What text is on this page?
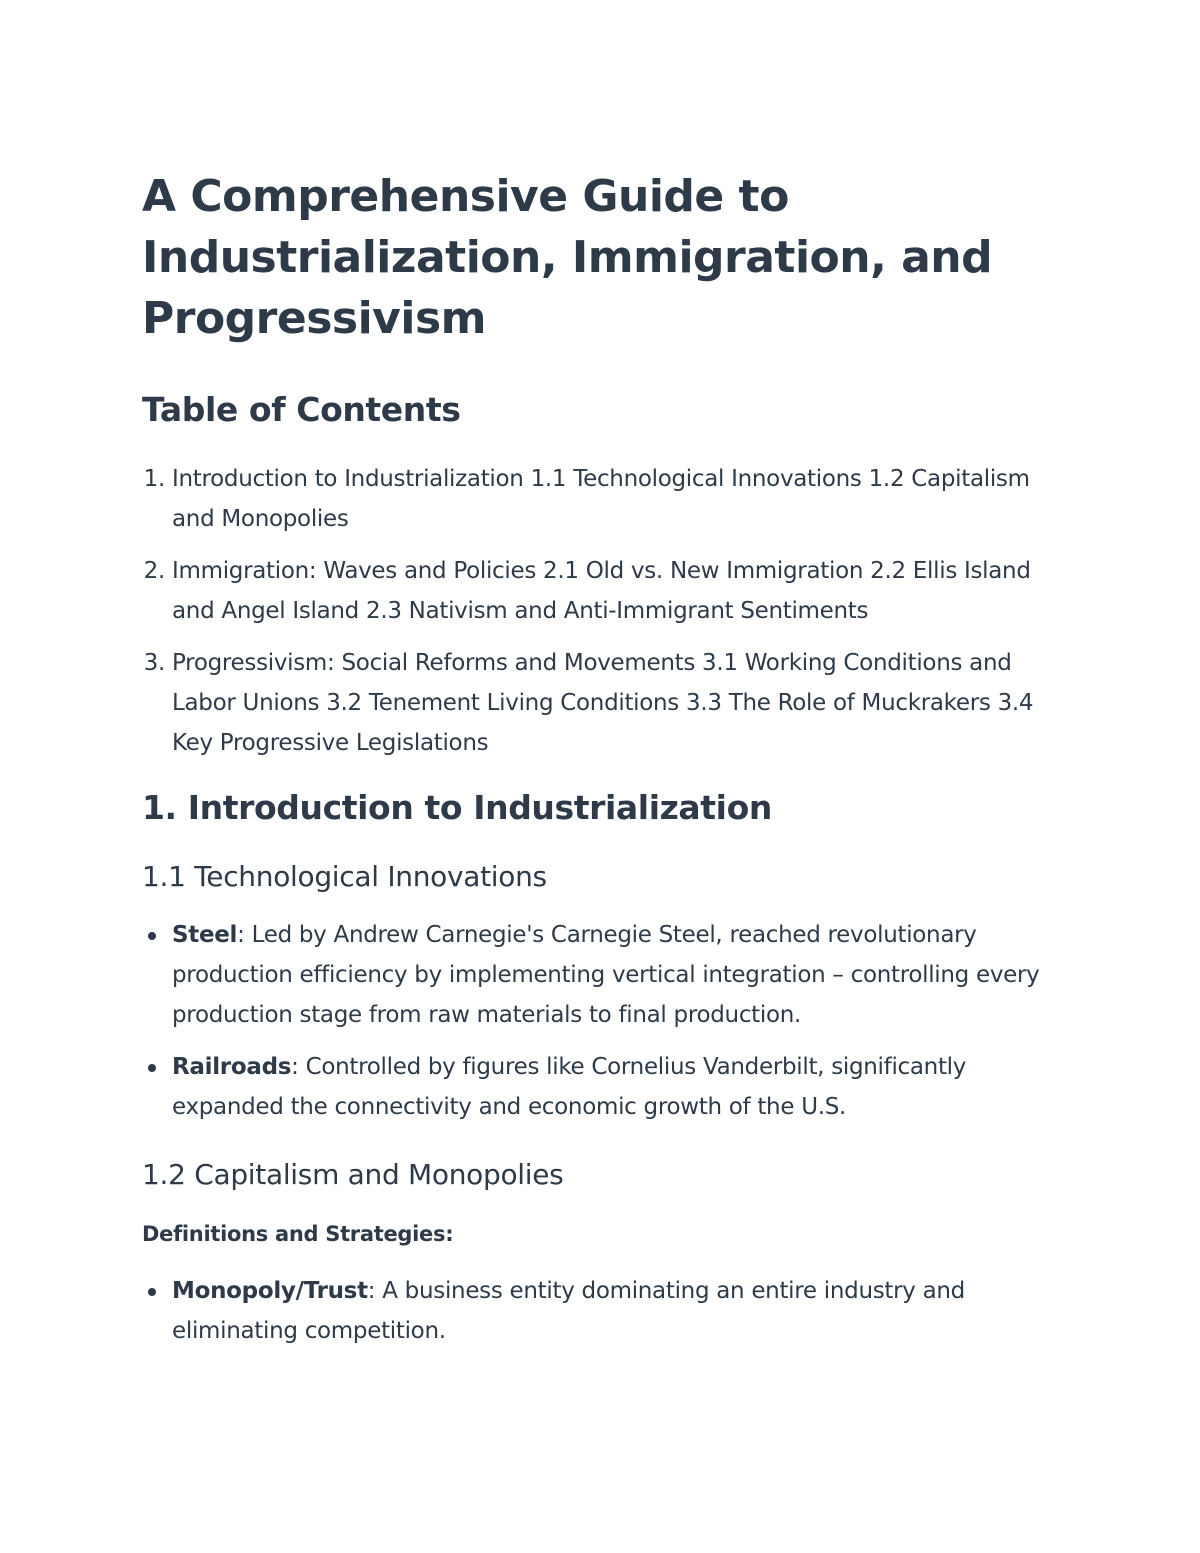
A Comprehensive Guide to Industrialization, Immigration, and Progressivism
Table of Contents
1. Introduction to Industrialization 1.1 Technological Innovations 1.2 Capitalism and Monopolies
2. Immigration: Waves and Policies 2.1 Old vs. New Immigration 2.2 Ellis Island and Angel Island 2.3 Nativism and Anti-Immigrant Sentiments
3. Progressivism: Social Reforms and Movements 3.1 Working Conditions and Labor Unions 3.2 Tenement Living Conditions 3.3 The Role of Muckrakers 3.4 Key Progressive Legislations
1. Introduction to Industrialization
1.1 Technological Innovations
Steel: Led by Andrew Carnegie's Carnegie Steel, reached revolutionary production efficiency by implementing vertical integration – controlling every production stage from raw materials to final production.
Railroads: Controlled by figures like Cornelius Vanderbilt, significantly expanded the connectivity and economic growth of the U.S.
1.2 Capitalism and Monopolies

Definitions and Strategies:

Monopoly/Trust: A business entity dominating an entire industry and eliminating competition.
